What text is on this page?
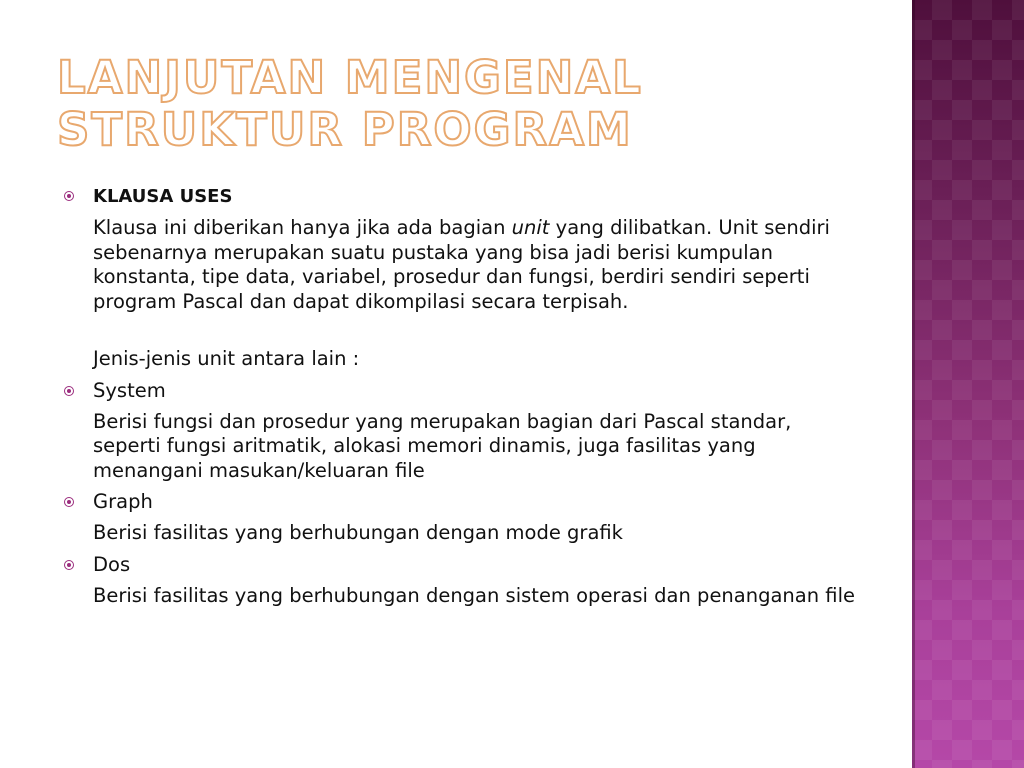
LANJUTAN MENGENAL STRUKTUR PROGRAM
KLAUSA USES
Klausa ini diberikan hanya jika ada bagian unit yang dilibatkan. Unit sendiri sebenarnya merupakan suatu pustaka yang bisa jadi berisi kumpulan konstanta, tipe data, variabel, prosedur dan fungsi, berdiri sendiri seperti program Pascal dan dapat dikompilasi secara terpisah.
Jenis-jenis unit antara lain :
System
Berisi fungsi dan prosedur yang merupakan bagian dari Pascal standar, seperti fungsi aritmatik, alokasi memori dinamis, juga fasilitas yang menangani masukan/keluaran file
Graph
Berisi fasilitas yang berhubungan dengan mode grafik
Dos
Berisi fasilitas yang berhubungan dengan sistem operasi dan penanganan file
